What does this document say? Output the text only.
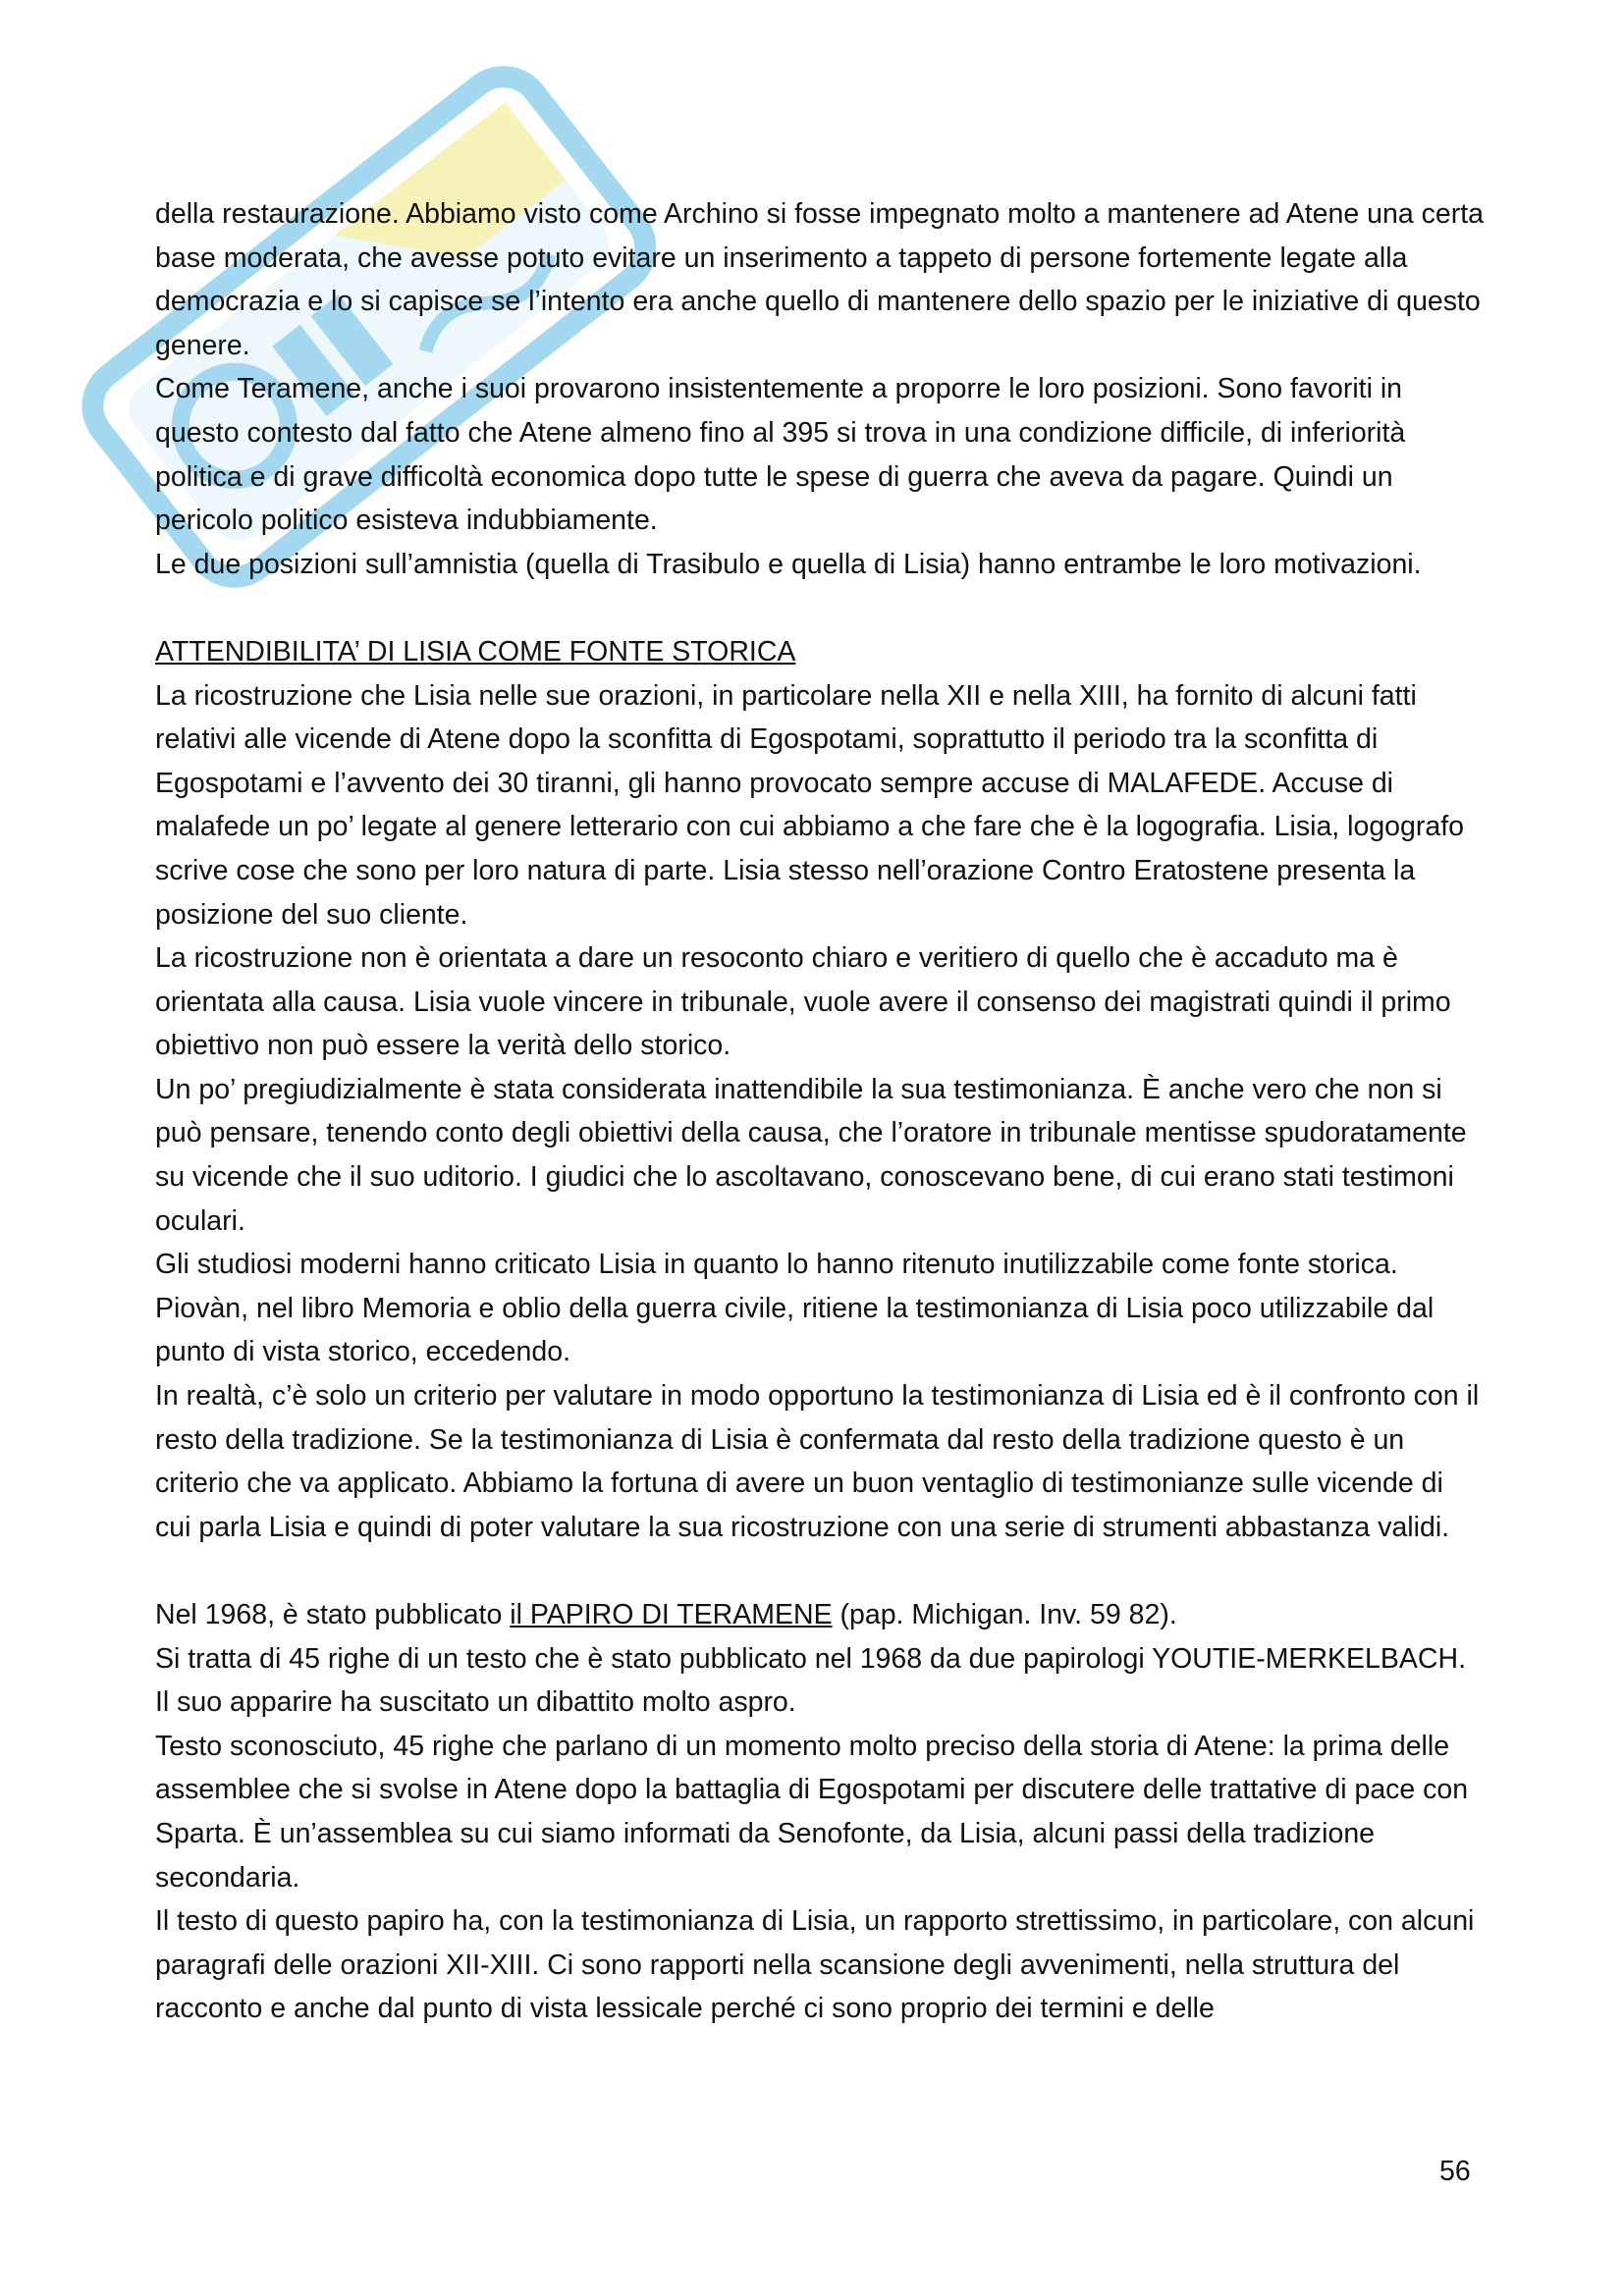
della restaurazione. Abbiamo visto come Archino si fosse impegnato molto a mantenere ad Atene una certa base moderata, che avesse potuto evitare un inserimento a tappeto di persone fortemente legate alla democrazia e lo si capisce se l’intento era anche quello di mantenere dello spazio per le iniziative di questo genere.

Come Teramene, anche i suoi provarono insistentemente a proporre le loro posizioni. Sono favoriti in questo contesto dal fatto che Atene almeno fino al 395 si trova in una condizione difficile, di inferiorità politica e di grave difficoltà economica dopo tutte le spese di guerra che aveva da pagare. Quindi un pericolo politico esisteva indubbiamente.

Le due posizioni sull’amnistia (quella di Trasibulo e quella di Lisia) hanno entrambe le loro motivazioni.

ATTENDIBILITA’ DI LISIA COME FONTE STORICA

La ricostruzione che Lisia nelle sue orazioni, in particolare nella XII e nella XIII, ha fornito di alcuni fatti relativi alle vicende di Atene dopo la sconfitta di Egospotami, soprattutto il periodo tra la sconfitta di Egospotami e l’avvento dei 30 tiranni, gli hanno provocato sempre accuse di MALAFEDE. Accuse di malafede un po’ legate al genere letterario con cui abbiamo a che fare che è la logografia. Lisia, logografo scrive cose che sono per loro natura di parte. Lisia stesso nell’orazione Contro Eratostene presenta la posizione del suo cliente.

La ricostruzione non è orientata a dare un resoconto chiaro e veritiero di quello che è accaduto ma è orientata alla causa. Lisia vuole vincere in tribunale, vuole avere il consenso dei magistrati quindi il primo obiettivo non può essere la verità dello storico.

Un po’ pregiudizialmente è stata considerata inattendibile la sua testimonianza. È anche vero che non si può pensare, tenendo conto degli obiettivi della causa, che l’oratore in tribunale mentisse spudoratamente su vicende che il suo uditorio. I giudici che lo ascoltavano, conoscevano bene, di cui erano stati testimoni oculari.

Gli studiosi moderni hanno criticato Lisia in quanto lo hanno ritenuto inutilizzabile come fonte storica. Piovàn, nel libro Memoria e oblio della guerra civile, ritiene la testimonianza di Lisia poco utilizzabile dal punto di vista storico, eccedendo.

In realtà, c’è solo un criterio per valutare in modo opportuno la testimonianza di Lisia ed è il confronto con il resto della tradizione. Se la testimonianza di Lisia è confermata dal resto della tradizione questo è un criterio che va applicato. Abbiamo la fortuna di avere un buon ventaglio di testimonianze sulle vicende di cui parla Lisia e quindi di poter valutare la sua ricostruzione con una serie di strumenti abbastanza validi.

Nel 1968, è stato pubblicato il PAPIRO DI TERAMENE (pap. Michigan. Inv. 59 82).

Si tratta di 45 righe di un testo che è stato pubblicato nel 1968 da due papirologi YOUTIE-MERKELBACH. Il suo apparire ha suscitato un dibattito molto aspro.

Testo sconosciuto, 45 righe che parlano di un momento molto preciso della storia di Atene: la prima delle assemblee che si svolse in Atene dopo la battaglia di Egospotami per discutere delle trattative di pace con Sparta. È un’assemblea su cui siamo informati da Senofonte, da Lisia, alcuni passi della tradizione secondaria.

Il testo di questo papiro ha, con la testimonianza di Lisia, un rapporto strettissimo, in particolare, con alcuni paragrafi delle orazioni XII-XIII. Ci sono rapporti nella scansione degli avvenimenti, nella struttura del racconto e anche dal punto di vista lessicale perché ci sono proprio dei termini e delle

56
